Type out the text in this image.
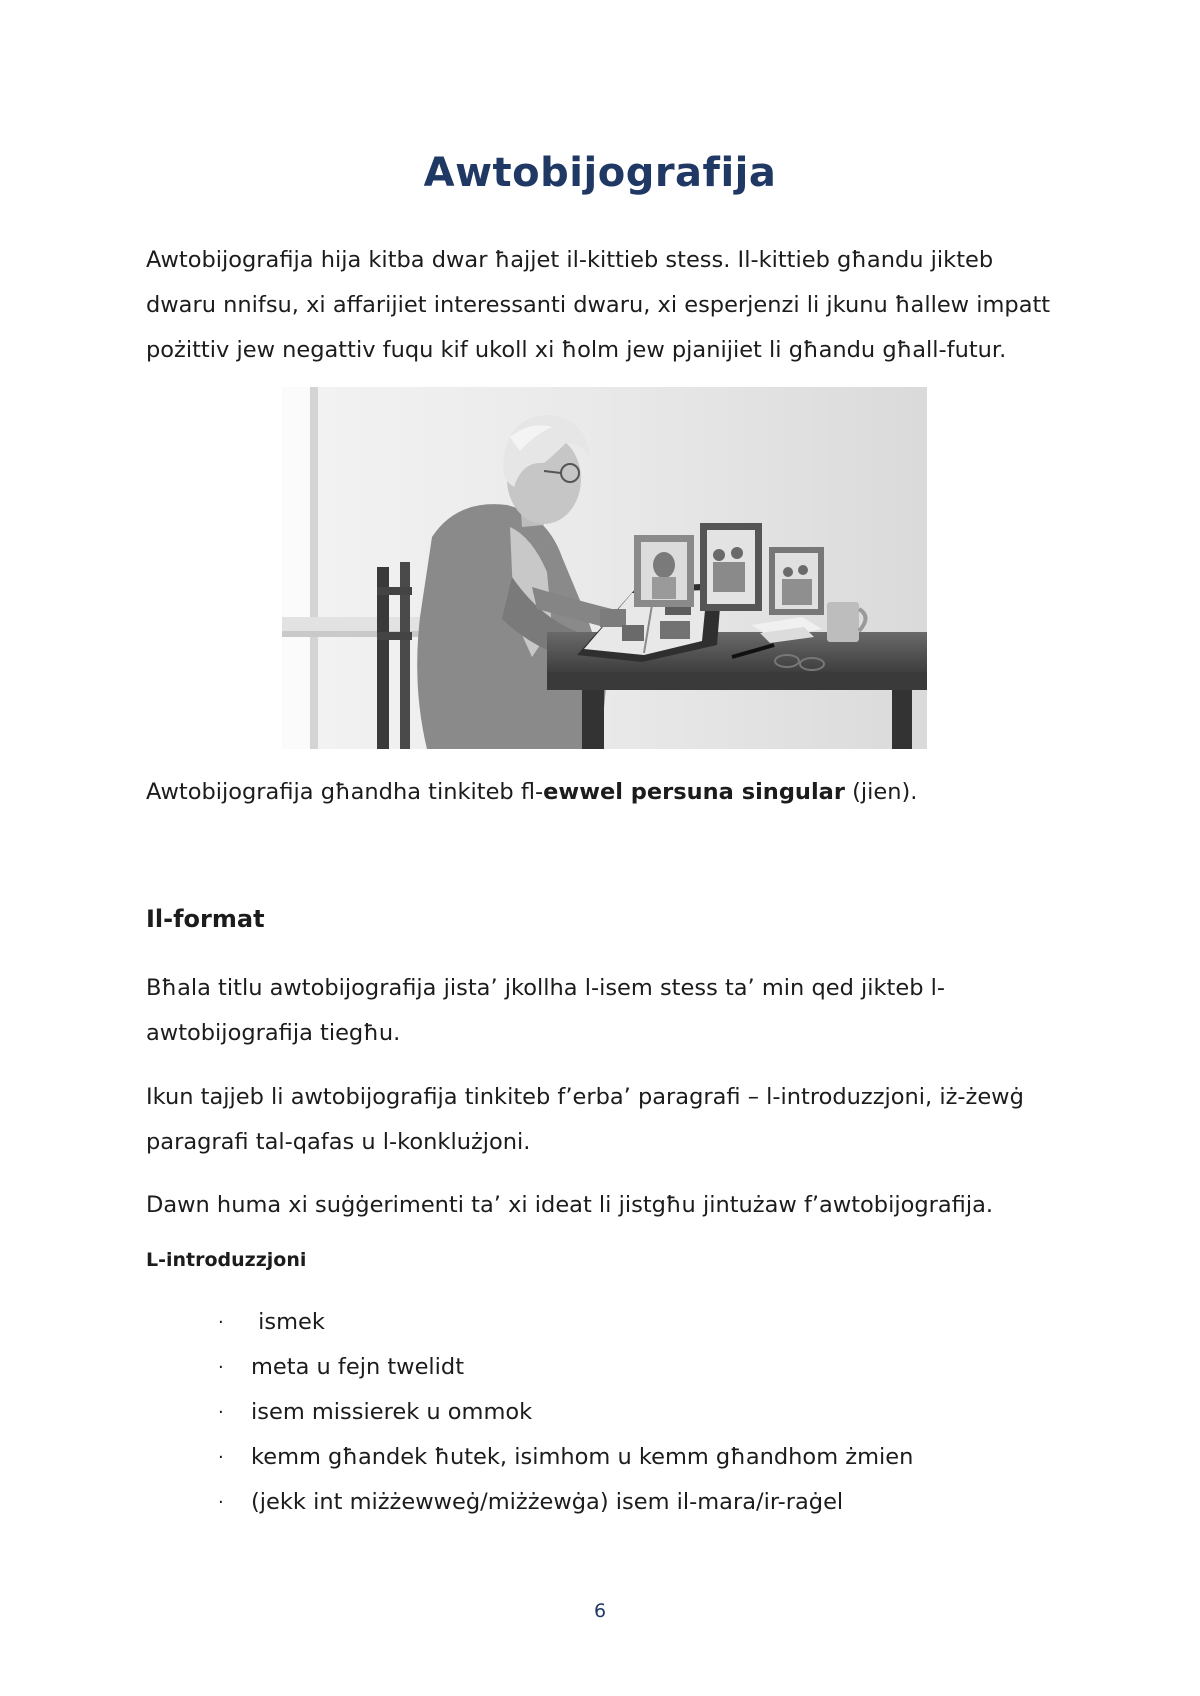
Awtobijografija

Awtobijografija hija kitba dwar ħajjet il-kittieb stess. Il-kittieb għandu jikteb dwaru nnifsu, xi affarijiet interessanti dwaru, xi esperjenzi li jkunu ħallew impatt pożittiv jew negattiv fuqu kif ukoll xi ħolm jew pjanijiet li għandu għall-futur.

Awtobijografija għandha tinkiteb fl-ewwel persuna singular (jien).

Il-format

Bħala titlu awtobijografija jista’ jkollha l-isem stess ta’ min qed jikteb l-awtobijografija tiegħu.

Ikun tajjeb li awtobijografija tinkiteb f’erba’ paragrafi – l-introduzzjoni, iż-żewġ paragrafi tal-qafas u l-konklużjoni.

Dawn huma xi suġġerimenti ta’ xi ideat li jistgħu jintużaw f’awtobijografija.

L-introduzzjoni
·	ismek
·	meta u fejn twelidt
·	isem missierek u ommok
·	kemm għandek ħutek, isimhom u kemm għandhom żmien
·	(jekk int miżżewweġ/miżżewġa) isem il-mara/ir-raġel
6
